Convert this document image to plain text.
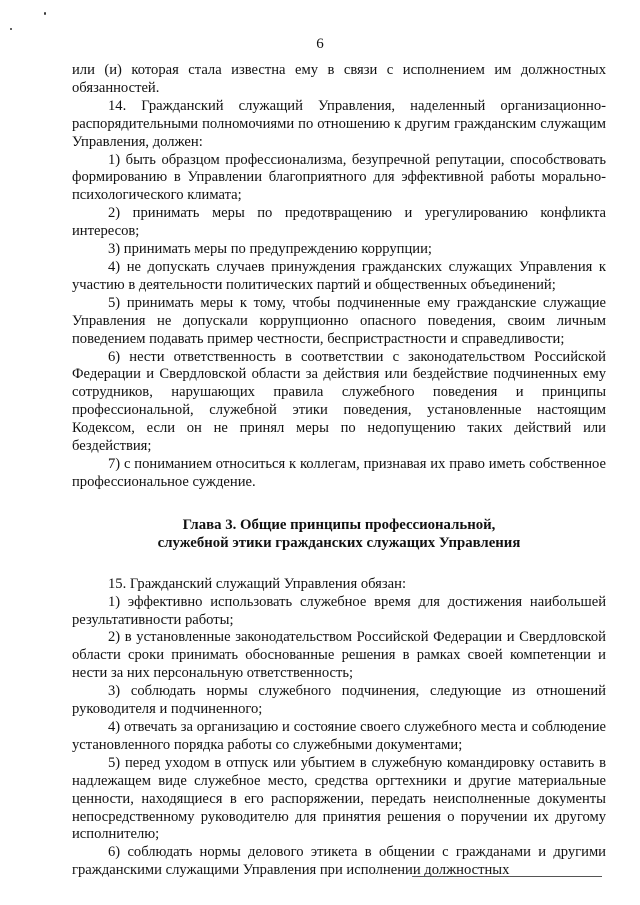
6

или (и) которая стала известна ему в связи с исполнением им должностных обязанностей.

14. Гражданский служащий Управления, наделенный организационно-распорядительными полномочиями по отношению к другим гражданским служащим Управления, должен:

1) быть образцом профессионализма, безупречной репутации, способствовать формированию в Управлении благоприятного для эффективной работы морально-психологического климата;

2) принимать меры по предотвращению и урегулированию конфликта интересов;

3) принимать меры по предупреждению коррупции;

4) не допускать случаев принуждения гражданских служащих Управления к участию в деятельности политических партий и общественных объединений;

5) принимать меры к тому, чтобы подчиненные ему гражданские служащие Управления не допускали коррупционно опасного поведения, своим личным поведением подавать пример честности, беспристрастности и справедливости;

6) нести ответственность в соответствии с законодательством Российской Федерации и Свердловской области за действия или бездействие подчиненных ему сотрудников, нарушающих правила служебного поведения и принципы профессиональной, служебной этики поведения, установленные настоящим Кодексом, если он не принял меры по недопущению таких действий или бездействия;

7) с пониманием относиться к коллегам, признавая их право иметь собственное профессиональное суждение.

Глава 3. Общие принципы профессиональной,
служебной этики гражданских служащих Управления

15. Гражданский служащий Управления обязан:

1) эффективно использовать служебное время для достижения наибольшей результативности работы;

2) в установленные законодательством Российской Федерации и Свердловской области сроки принимать обоснованные решения в рамках своей компетенции и нести за них персональную ответственность;

3) соблюдать нормы служебного подчинения, следующие из отношений руководителя и подчиненного;

4) отвечать за организацию и состояние своего служебного места и соблюдение установленного порядка работы со служебными документами;

5) перед уходом в отпуск или убытием в служебную командировку оставить в надлежащем виде служебное место, средства оргтехники и другие материальные ценности, находящиеся в его распоряжении, передать неисполненные документы непосредственному руководителю для принятия решения о поручении их другому исполнителю;

6) соблюдать нормы делового этикета в общении с гражданами и другими гражданскими служащими Управления при исполнении должностных
